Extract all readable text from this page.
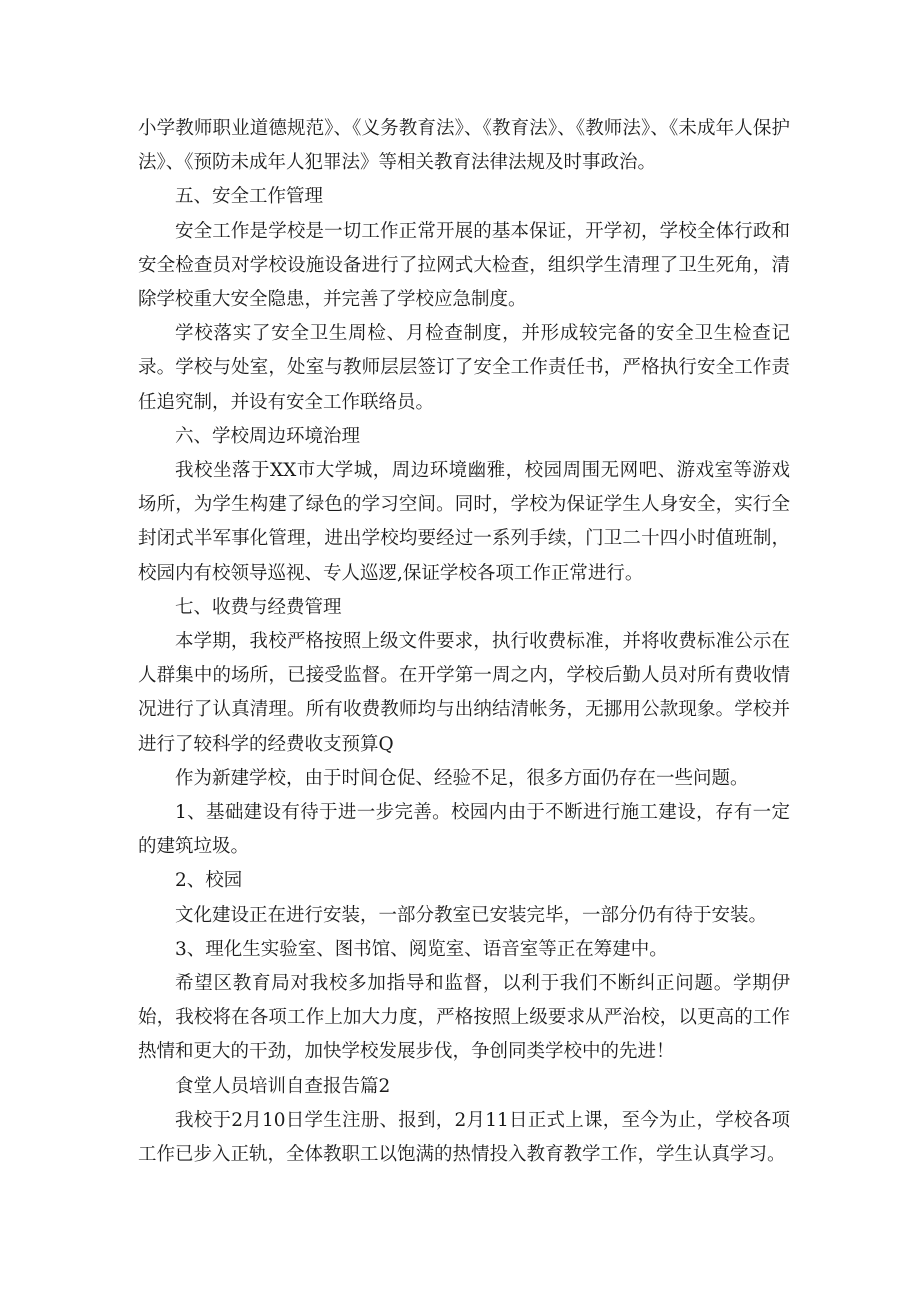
小学教师职业道德规范》、《义务教育法》、《教育法》、《教师法》、《未成年人保护法》、《预防未成年人犯罪法》等相关教育法律法规及时事政治。

五、安全工作管理

安全工作是学校是一切工作正常开展的基本保证，开学初，学校全体行政和安全检查员对学校设施设备进行了拉网式大检查，组织学生清理了卫生死角，清除学校重大安全隐患，并完善了学校应急制度。

学校落实了安全卫生周检、月检查制度，并形成较完备的安全卫生检查记录。学校与处室，处室与教师层层签订了安全工作责任书，严格执行安全工作责任追究制，并设有安全工作联络员。

六、学校周边环境治理

我校坐落于XX市大学城，周边环境幽雅，校园周围无网吧、游戏室等游戏场所，为学生构建了绿色的学习空间。同时，学校为保证学生人身安全，实行全封闭式半军事化管理，进出学校均要经过一系列手续，门卫二十四小时值班制，校园内有校领导巡视、专人巡逻,保证学校各项工作正常进行。

七、收费与经费管理

本学期，我校严格按照上级文件要求，执行收费标准，并将收费标准公示在人群集中的场所，已接受监督。在开学第一周之内，学校后勤人员对所有费收情况进行了认真清理。所有收费教师均与出纳结清帐务，无挪用公款现象。学校并进行了较科学的经费收支预算Q

作为新建学校，由于时间仓促、经验不足，很多方面仍存在一些问题。

1、基础建设有待于进一步完善。校园内由于不断进行施工建设，存有一定的建筑垃圾。

2、校园

文化建设正在进行安装，一部分教室已安装完毕，一部分仍有待于安装。

3、理化生实验室、图书馆、阅览室、语音室等正在筹建中。

希望区教育局对我校多加指导和监督，以利于我们不断纠正问题。学期伊始，我校将在各项工作上加大力度，严格按照上级要求从严治校，以更高的工作热情和更大的干劲，加快学校发展步伐，争创同类学校中的先进！

食堂人员培训自查报告篇2

我校于2月10日学生注册、报到，2月11日正式上课，至今为止，学校各项工作已步入正轨，全体教职工以饱满的热情投入教育教学工作，学生认真学习。
